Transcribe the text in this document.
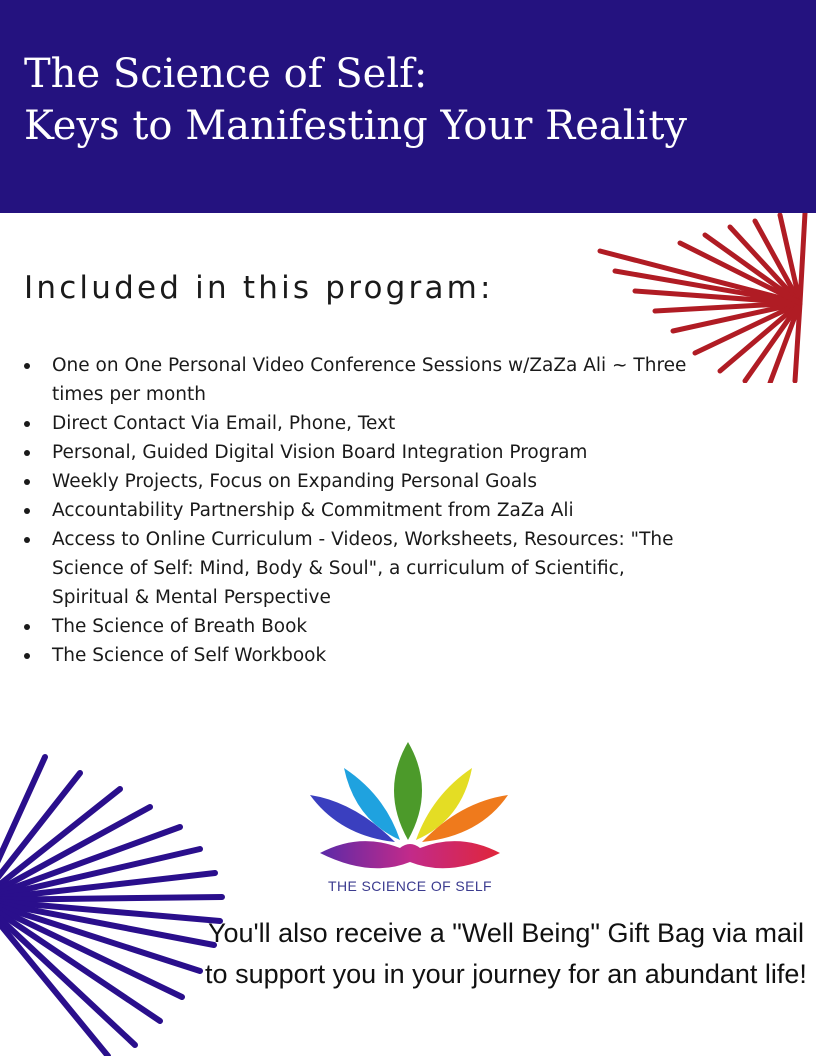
The Science of Self:
Keys to Manifesting Your Reality
Included in this program:
One on One Personal Video Conference Sessions w/ZaZa Ali ~ Three times per month
Direct Contact Via Email, Phone, Text
Personal, Guided Digital Vision Board Integration Program
Weekly Projects, Focus on Expanding Personal Goals
Accountability Partnership & Commitment from ZaZa Ali
Access to Online Curriculum - Videos, Worksheets, Resources: "The Science of Self: Mind, Body & Soul", a curriculum of Scientific, Spiritual & Mental Perspective
The Science of Breath Book
The Science of Self Workbook
THE SCIENCE OF SELF

You'll also receive a "Well Being" Gift Bag via mail to support you in your journey for an abundant life!
